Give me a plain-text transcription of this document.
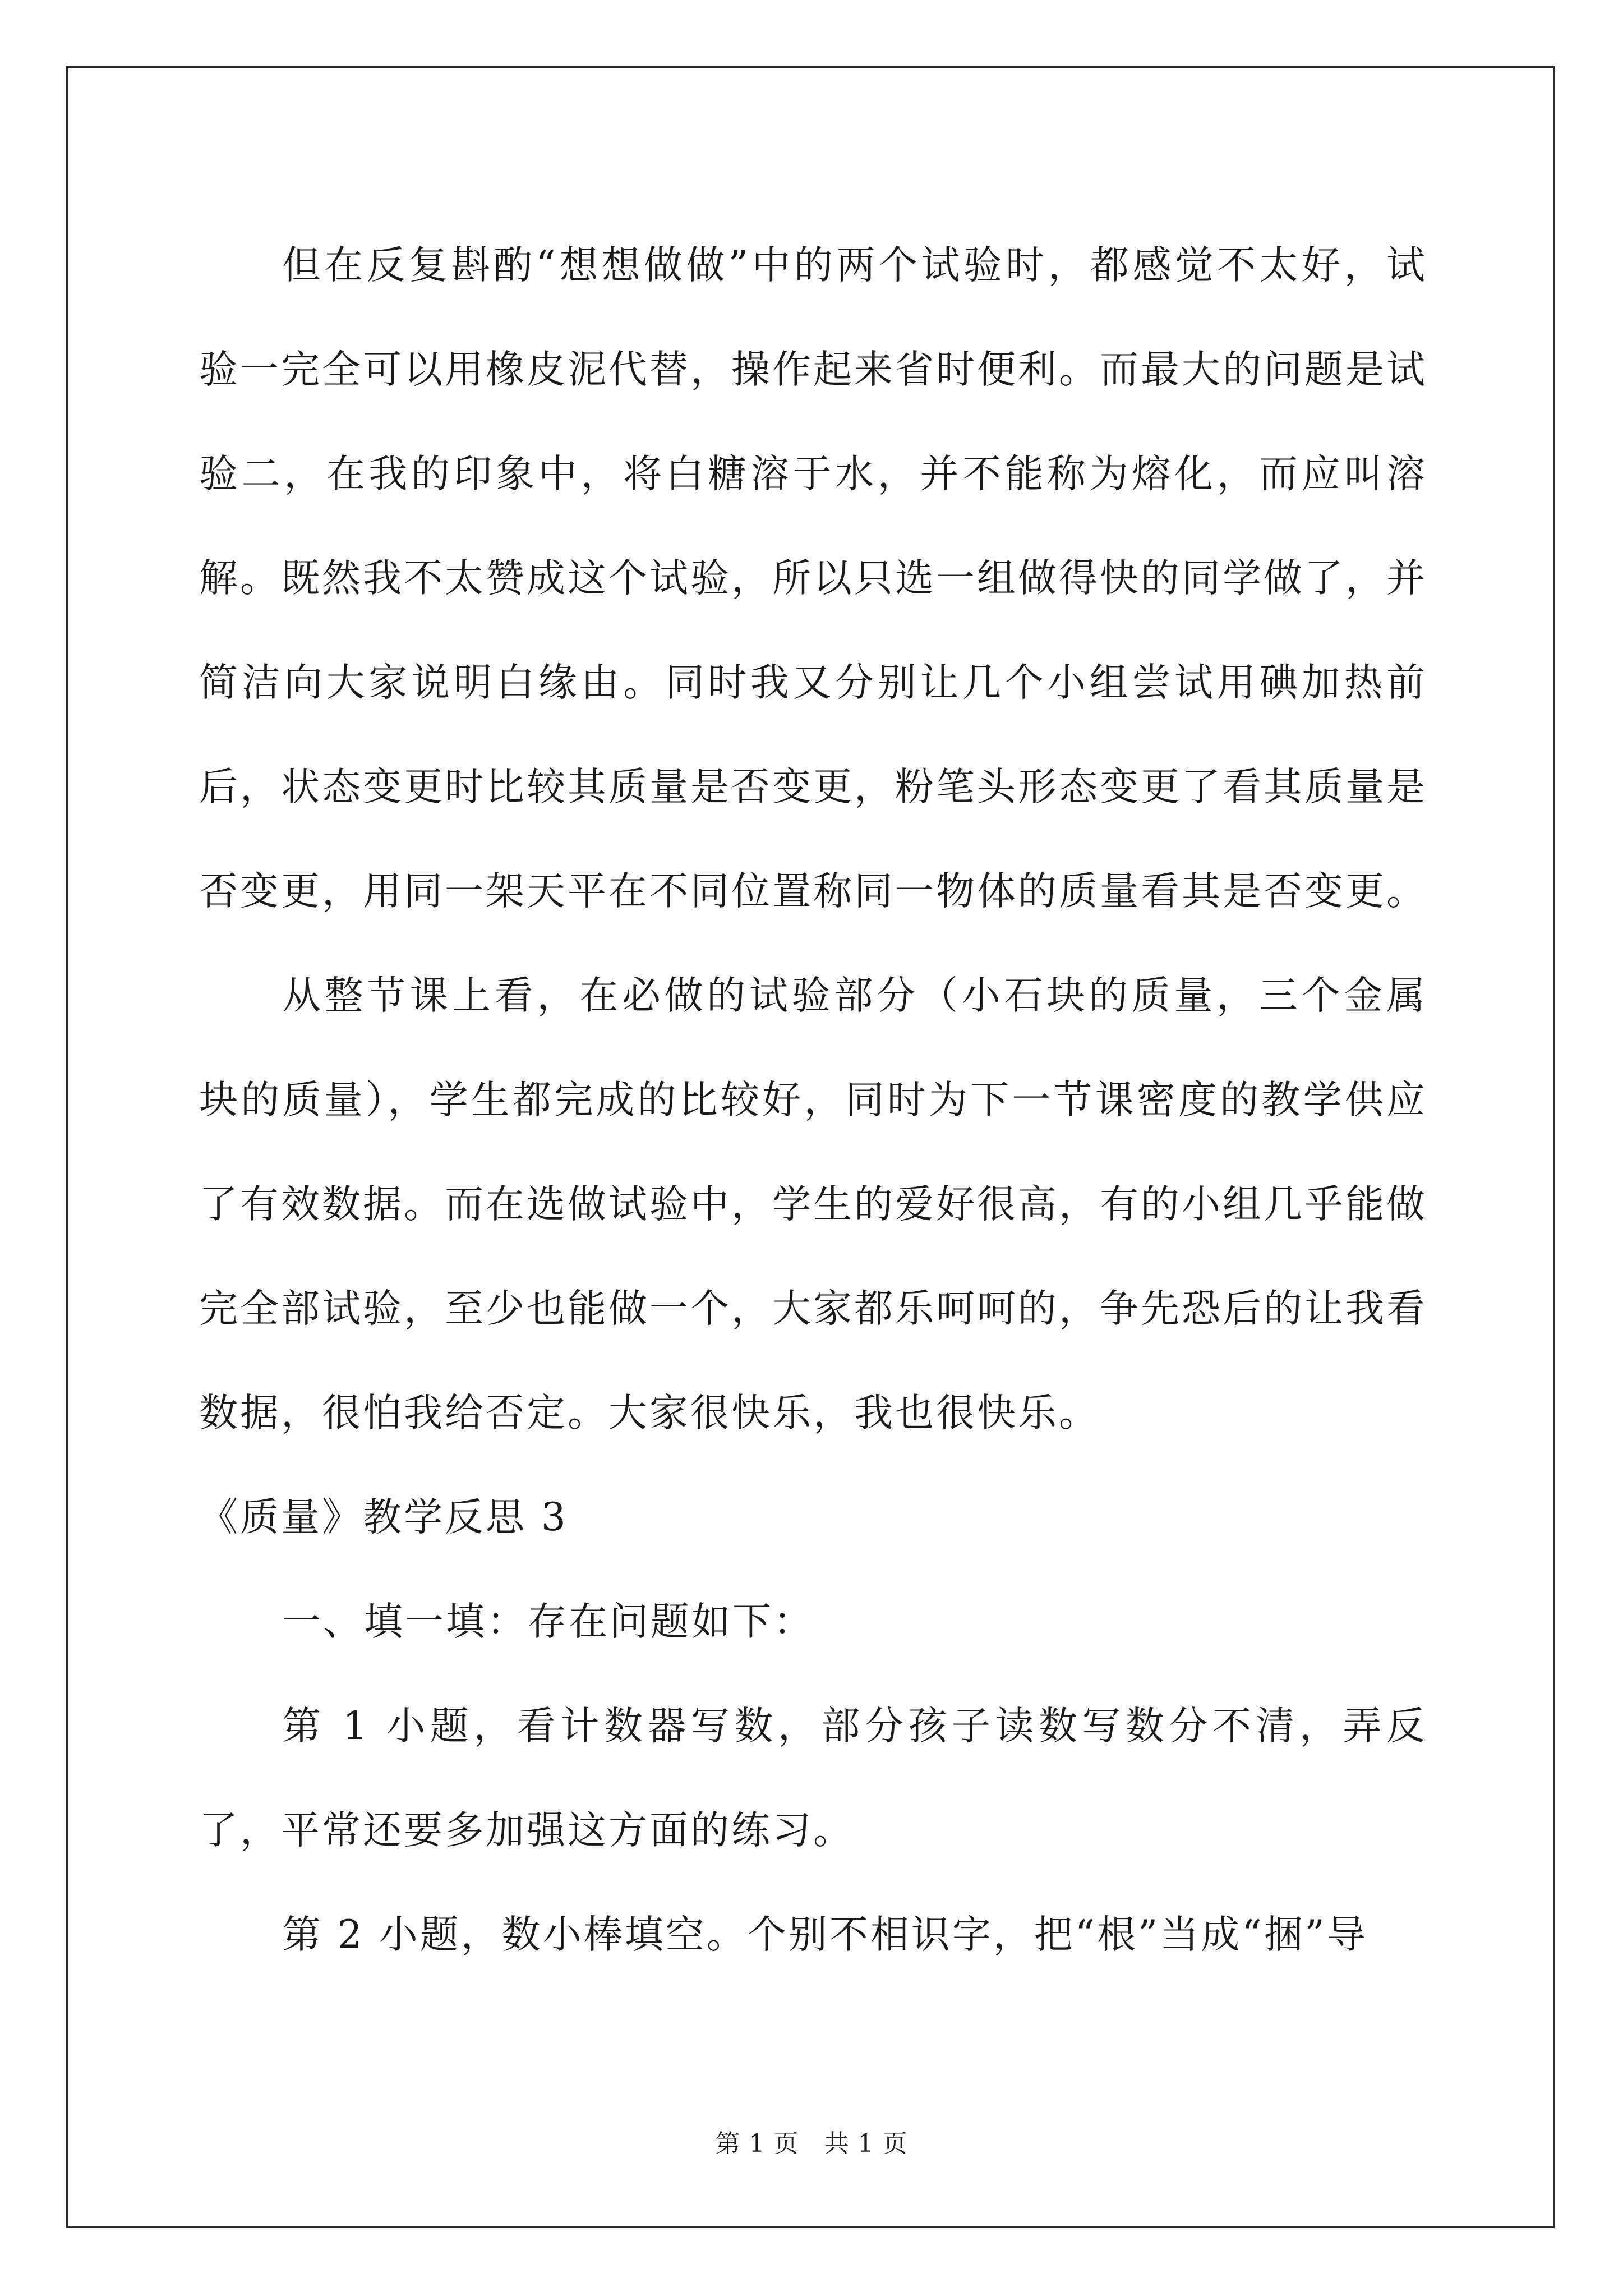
但在反复斟酌“想想做做”中的两个试验时，都感觉不太好，试验一完全可以用橡皮泥代替，操作起来省时便利。而最大的问题是试验二，在我的印象中，将白糖溶于水，并不能称为熔化，而应叫溶解。既然我不太赞成这个试验，所以只选一组做得快的同学做了，并简洁向大家说明白缘由。同时我又分别让几个小组尝试用碘加热前后，状态变更时比较其质量是否变更，粉笔头形态变更了看其质量是否变更，用同一架天平在不同位置称同一物体的质量看其是否变更。

从整节课上看，在必做的试验部分（小石块的质量，三个金属块的质量），学生都完成的比较好，同时为下一节课密度的教学供应了有效数据。而在选做试验中，学生的爱好很高，有的小组几乎能做完全部试验，至少也能做一个，大家都乐呵呵的，争先恐后的让我看数据，很怕我给否定。大家很快乐，我也很快乐。

《质量》教学反思 3

一、填一填：存在问题如下：

第 1 小题，看计数器写数，部分孩子读数写数分不清，弄反了，平常还要多加强这方面的练习。

第 2 小题，数小棒填空。个别不相识字，把“根”当成“捆”导

第 1 页　共 1 页
